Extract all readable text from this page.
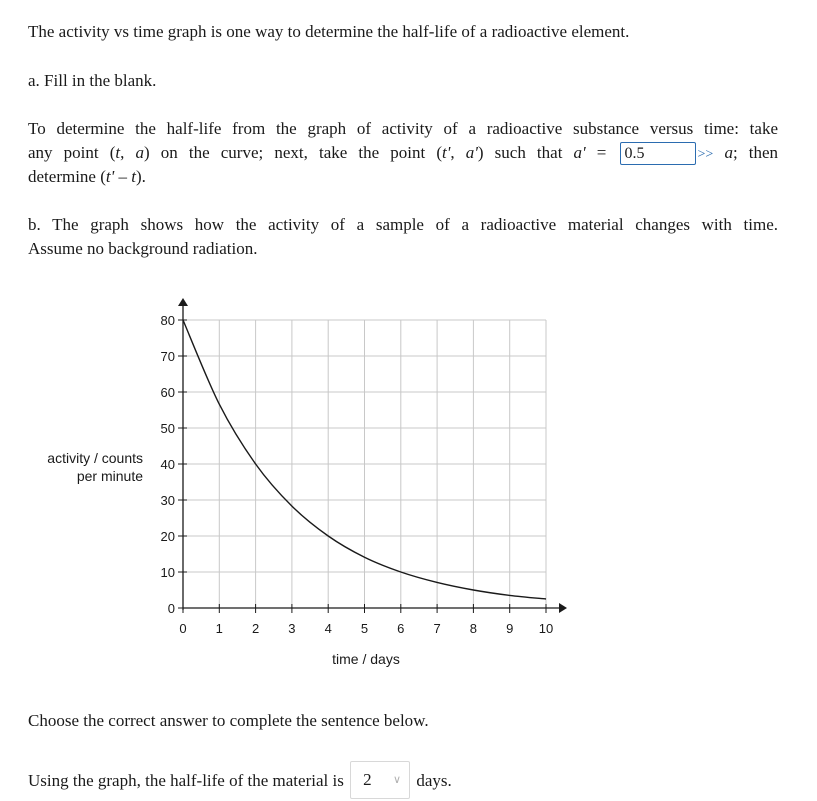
The activity vs time graph is one way to determine the half-life of a radioactive element.

a. Fill in the blank.

To determine the half-life from the graph of activity of a radioactive substance versus time: take

any point (t, a) on the curve; next, take the point (t', a') such that a' = 0.5	>> a; then

determine (t' – t).

b. The graph shows how the activity of a sample of a radioactive material changes with time.

Assume no background radiation.

0 1 2 3 4 5 6 7 8 9 10
0
10
20
30
40
50
60
70
80
activity / counts
per minute
time / days

Choose the correct answer to complete the sentence below.

Using the graph, the half-life of the material is 2 ∨ days.
